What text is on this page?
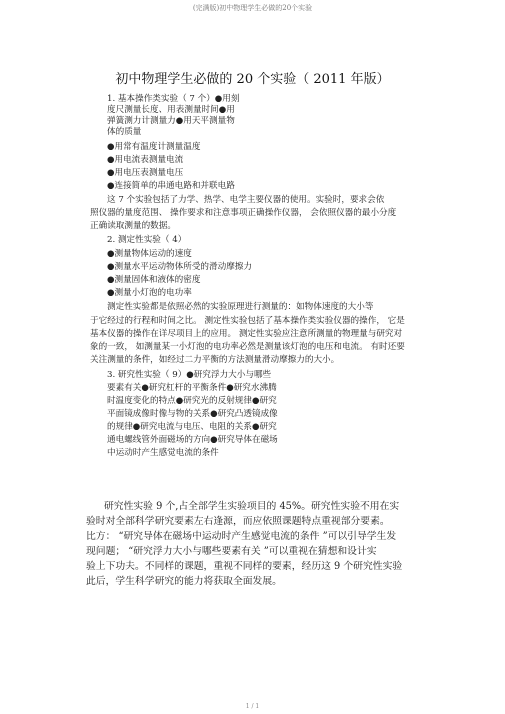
(完满版)初中物理学生必做的20个实验
初中物理学生必做的 20 个实验（ 2011 年版）
1. 基本操作类实验（ 7 个）●用刻
度尺测量长度、用表测量时间●用
弹簧测力计测量力●用天平测量物
体的质量
●用常有温度计测量温度
●用电流表测量电流
●用电压表测量电压
●连接简单的串通电路和并联电路
这 7 个实验包括了力学、热学、电学主要仪器的使用。实验时，要求会依
照仪器的量度范围、 操作要求和注意事项正确操作仪器， 会依照仪器的最小分度
正确读取测量的数据。
2. 测定性实验（ 4）
●测量物体运动的速度
●测量水平运动物体所受的滑动摩擦力
●测量固体和液体的密度
●测量小灯泡的电功率
测定性实验都是依照必然的实验原理进行测量的：如物体速度的大小等
于它经过的行程和时间之比。 测定性实验包括了基本操作类实验仪器的操作， 它是
基本仪器的操作在详尽项目上的应用。 测定性实验应注意所测量的物理量与研究对
象的一致， 如测量某一小灯泡的电功率必然是测量该灯泡的电压和电流。 有时还要
关注测量的条件，如经过二力平衡的方法测量滑动摩擦力的大小。
3. 研究性实验（ 9）●研究浮力大小与哪些
要素有关●研究杠杆的平衡条件●研究水沸腾
时温度变化的特点●研究光的反射规律●研究
平面镜成像时像与物的关系●研究凸透镜成像
的规律●研究电流与电压、电阻的关系●研究
通电螺线管外面磁场的方向●研究导体在磁场
中运动时产生感觉电流的条件
研究性实验 9 个,占全部学生实验项目的 45%。研究性实验不用在实
验时对全部科学研究要素左右逢源，而应依照课题特点重视部分要素。
比方： “研究导体在磁场中运动时产生感觉电流的条件 ”可以引导学生发
现问题； “研究浮力大小与哪些要素有关 ”可以重视在猜想和设计实
验上下功夫。不同样的课题，重视不同样的要素，经历这 9 个研究性实验
此后，学生科学研究的能力将获取全面发展。
1 / 1
